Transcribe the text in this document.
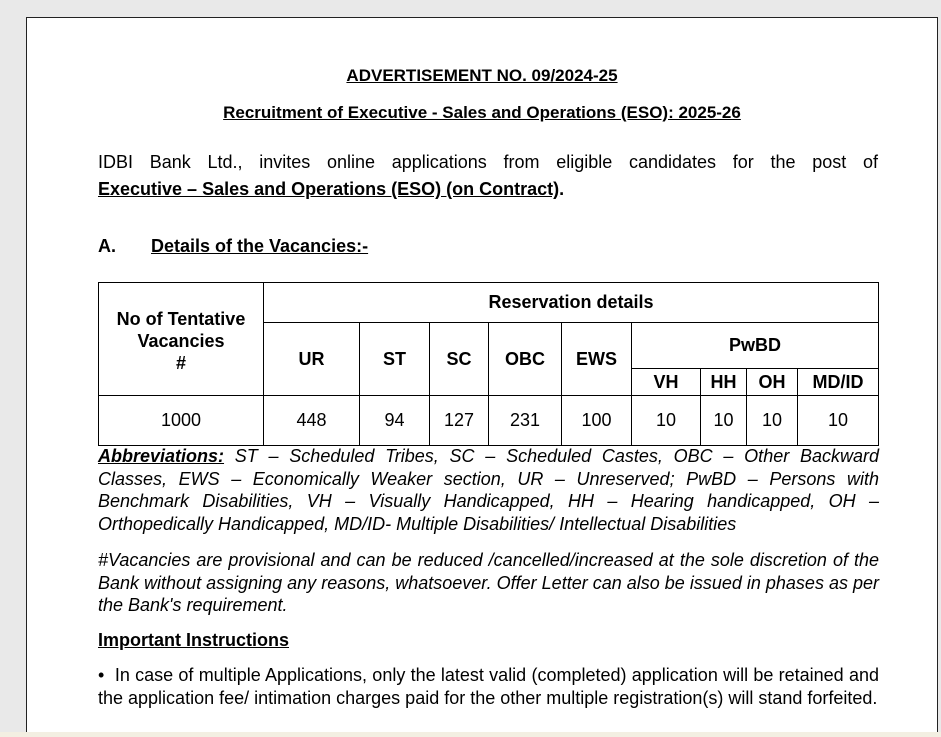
ADVERTISEMENT NO. 09/2024-25
Recruitment of Executive - Sales and Operations (ESO): 2025-26
IDBI Bank Ltd., invites online applications from eligible candidates for the post of
Executive – Sales and Operations (ESO) (on Contract).
A. Details of the Vacancies:-
No of Tentative
Vacancies
#	Reservation details								
	UR	ST	SC	OBC	EWS	PwBD			
						VH	HH	OH	MD/ID
1000	448	94	127	231	100	10	10	10	10
Abbreviations: ST – Scheduled Tribes, SC – Scheduled Castes, OBC – Other Backward Classes, EWS – Economically Weaker section, UR – Unreserved; PwBD – Persons with Benchmark Disabilities, VH – Visually Handicapped, HH – Hearing handicapped, OH – Orthopedically Handicapped, MD/ID- Multiple Disabilities/ Intellectual Disabilities
#Vacancies are provisional and can be reduced /cancelled/increased at the sole discretion of the Bank without assigning any reasons, whatsoever. Offer Letter can also be issued in phases as per the Bank's requirement.
Important Instructions
•  In case of multiple Applications, only the latest valid (completed) application will be retained and the application fee/ intimation charges paid for the other multiple registration(s) will stand forfeited.
